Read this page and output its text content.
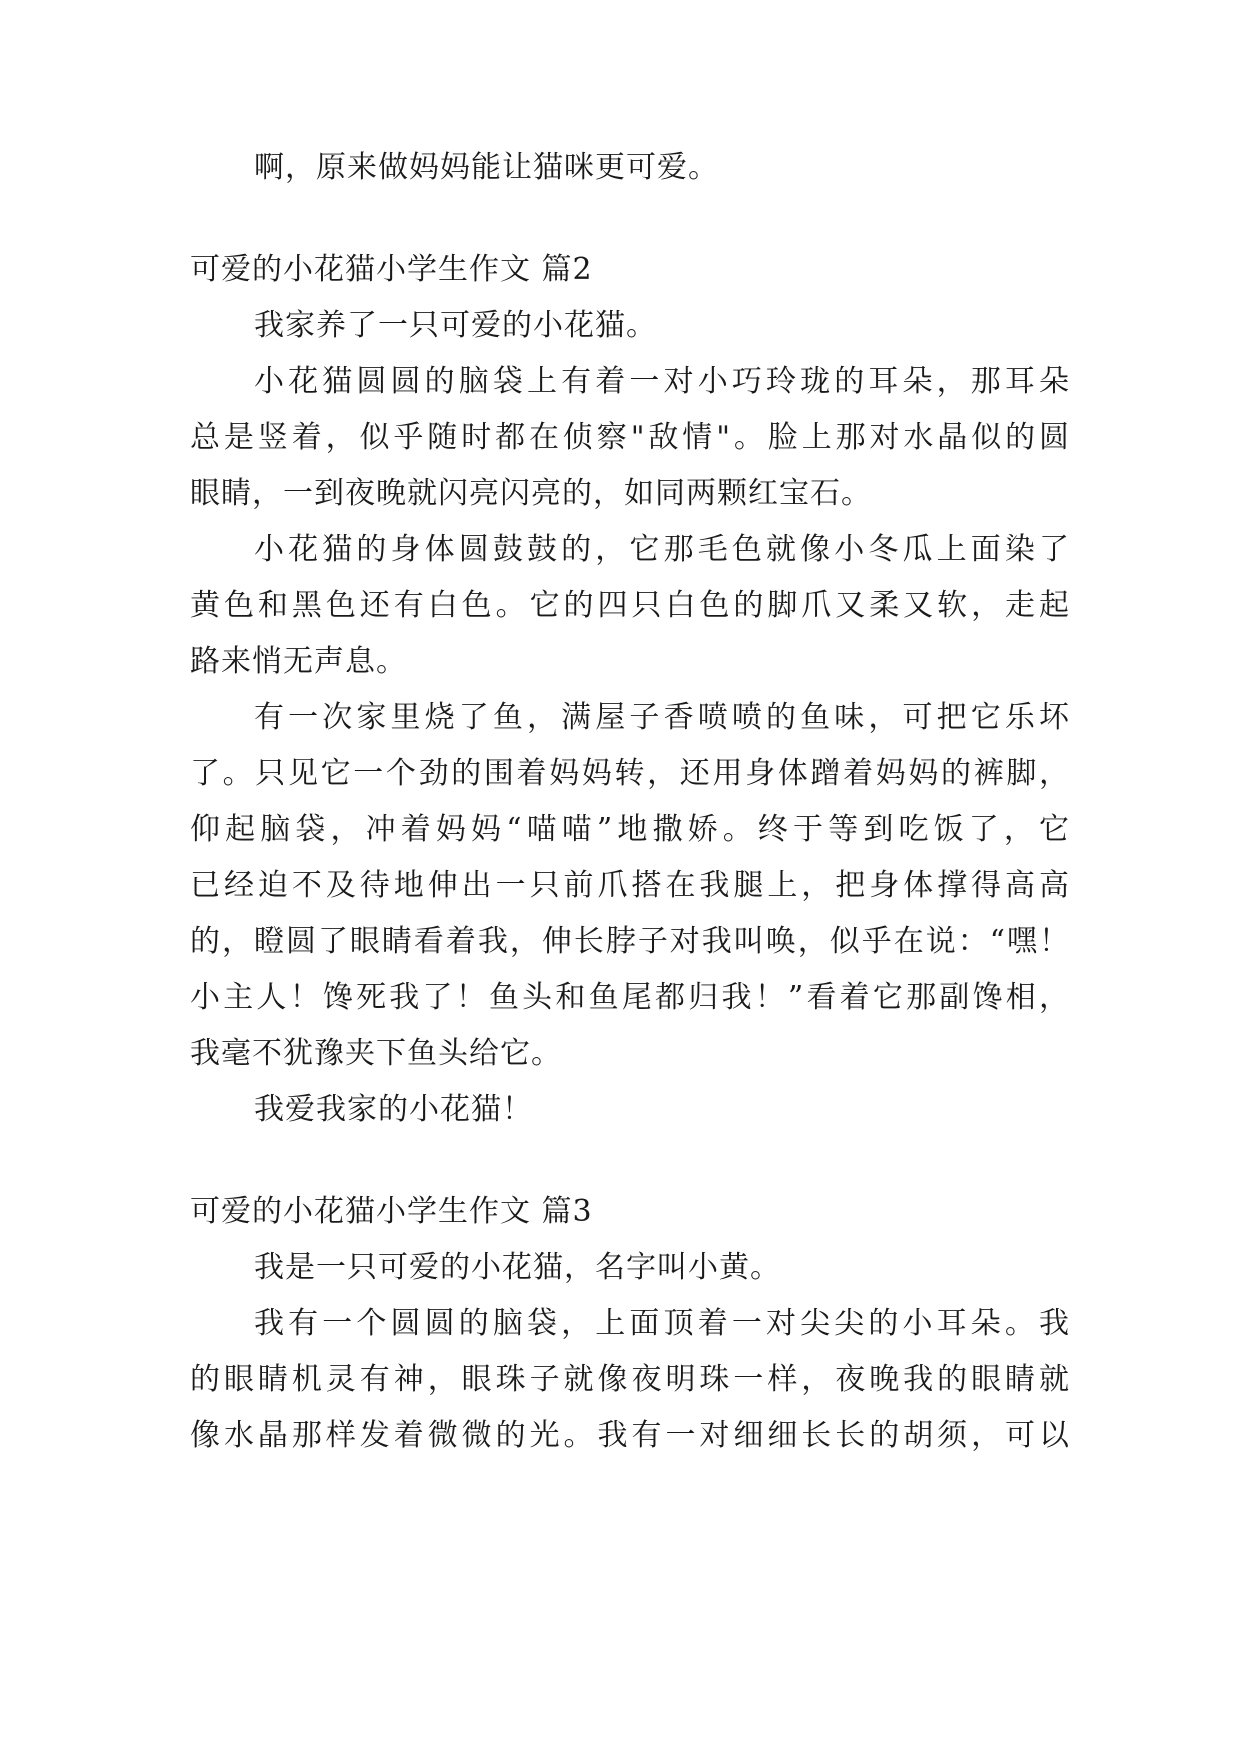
啊，原来做妈妈能让猫咪更可爱。
可爱的小花猫小学生作文 篇2
我家养了一只可爱的小花猫。
小花猫圆圆的脑袋上有着一对小巧玲珑的耳朵，那耳朵
总是竖着，似乎随时都在侦察"敌情"。脸上那对水晶似的圆
眼睛，一到夜晚就闪亮闪亮的，如同两颗红宝石。
小花猫的身体圆鼓鼓的，它那毛色就像小冬瓜上面染了
黄色和黑色还有白色。它的四只白色的脚爪又柔又软，走起
路来悄无声息。
有一次家里烧了鱼，满屋子香喷喷的鱼味，可把它乐坏
了。只见它一个劲的围着妈妈转，还用身体蹭着妈妈的裤脚，
仰起脑袋，冲着妈妈“喵喵”地撒娇。终于等到吃饭了，它
已经迫不及待地伸出一只前爪搭在我腿上，把身体撑得高高
的，瞪圆了眼睛看着我，伸长脖子对我叫唤，似乎在说：“嘿！
小主人！馋死我了！鱼头和鱼尾都归我！”看着它那副馋相，
我毫不犹豫夹下鱼头给它。
我爱我家的小花猫！
可爱的小花猫小学生作文 篇3
我是一只可爱的小花猫，名字叫小黄。
我有一个圆圆的脑袋，上面顶着一对尖尖的小耳朵。我
的眼睛机灵有神，眼珠子就像夜明珠一样，夜晚我的眼睛就
像水晶那样发着微微的光。我有一对细细长长的胡须，可以
